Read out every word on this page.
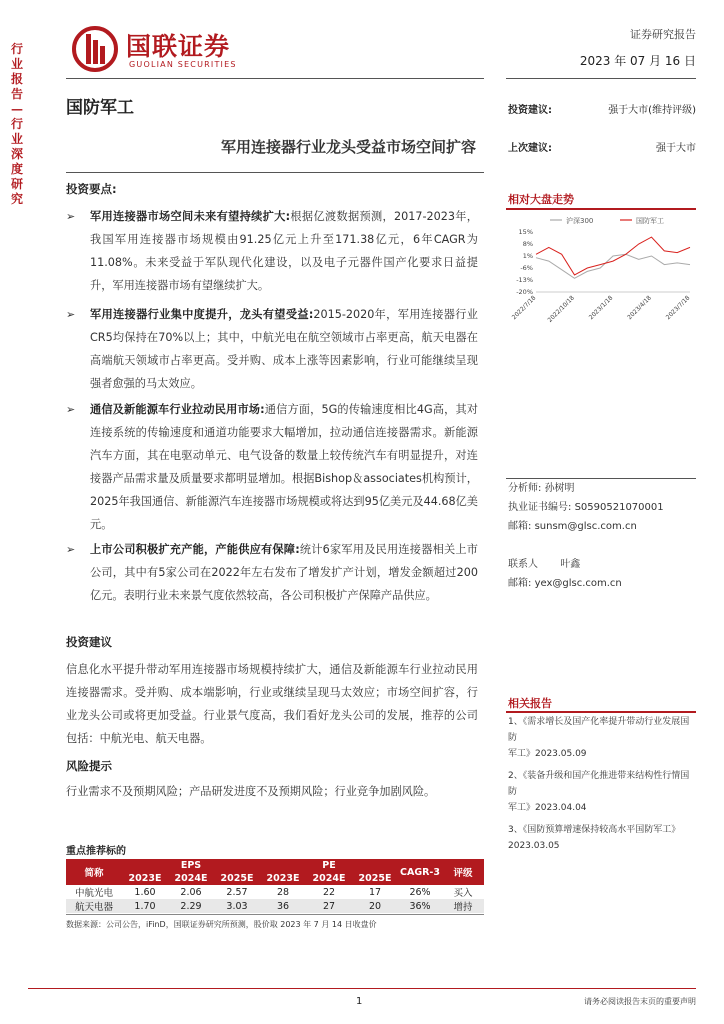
行
业
报
告
—
行
业
深
度
研
究
国联证券
GUOLIAN SECURITIES
证券研究报告
2023 年 07 月 16 日
国防军工
军用连接器行业龙头受益市场空间扩容
投资建议:	强于大市(维持评级)
上次建议:	强于大市
投资要点:
➢ 军用连接器市场空间未来有望持续扩大:根据亿渡数据预测，2017-2023年，我国军用连接器市场规模由91.25亿元上升至171.38亿元，6年CAGR为11.08%。未来受益于军队现代化建设，以及电子元器件国产化要求日益提升，军用连接器市场有望继续扩大。
➢ 军用连接器行业集中度提升，龙头有望受益:2015-2020年，军用连接器行业CR5均保持在70%以上；其中，中航光电在航空领域市占率更高，航天电器在高端航天领域市占率更高。受并购、成本上涨等因素影响，行业可能继续呈现强者愈强的马太效应。
➢ 通信及新能源车行业拉动民用市场:通信方面，5G的传输速度相比4G高，其对连接系统的传输速度和通道功能要求大幅增加，拉动通信连接器需求。新能源汽车方面，其在电驱动单元、电气设备的数量上较传统汽车有明显提升，对连接器产品需求量及质量要求都明显增加。根据Bishop＆associates机构预计，2025年我国通信、新能源汽车连接器市场规模或将达到95亿美元及44.68亿美元。
➢ 上市公司积极扩充产能，产能供应有保障:统计6家军用及民用连接器相关上市公司，其中有5家公司在2022年左右发布了增发扩产计划，增发金额超过200亿元。表明行业未来景气度依然较高，各公司积极扩产保障产品供应。
投资建议
信息化水平提升带动军用连接器市场规模持续扩大，通信及新能源车行业拉动民用连接器需求。受并购、成本端影响，行业或继续呈现马太效应；市场空间扩容，行业龙头公司或将更加受益。行业景气度高，我们看好龙头公司的发展，推荐的公司包括：中航光电、航天电器。
风险提示
行业需求不及预期风险；产品研发进度不及预期风险；行业竞争加剧风险。
相对大盘走势
沪深300	国防军工
15%
8%
1%
-6%
-13%
-20%
2022/7/18 2022/10/18 2023/1/18 2023/4/18 2023/7/18
分析师: 孙树明
执业证书编号: S0590521070001
邮箱: sunsm@glsc.com.cn
联系人 叶鑫
邮箱: yex@glsc.com.cn
相关报告
1、《需求增长及国产化率提升带动行业发展国防
军工》2023.05.09
2、《装备升级和国产化推进带来结构性行情国防
军工》2023.04.04
3、《国防预算增速保持较高水平国防军工》
2023.03.05
重点推荐标的
简称	EPS			PE			CAGR-3	评级
	2023E	2024E	2025E	2023E	2024E	2025E		
中航光电	1.60	2.06	2.57	28	22	17	26%	买入
航天电器	1.70	2.29	3.03	36	27	20	36%	增持
数据来源：公司公告，iFinD，国联证券研究所预测，股价取 2023 年 7 月 14 日收盘价
1	请务必阅读报告末页的重要声明
